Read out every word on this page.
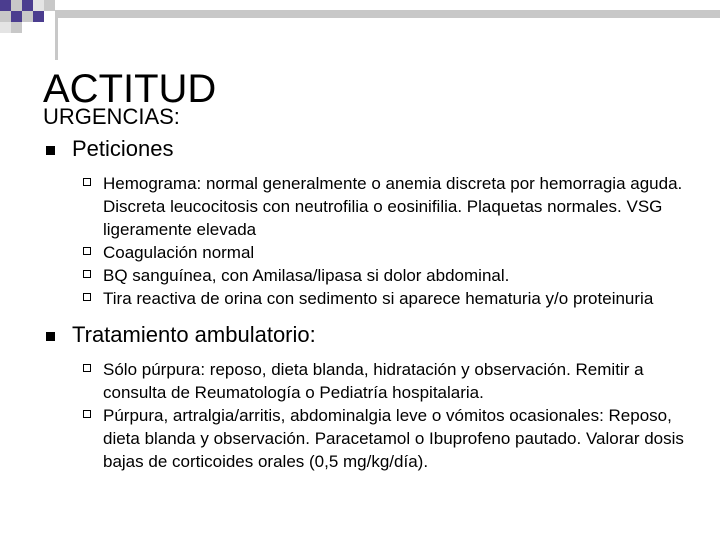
ACTITUD
URGENCIAS:
Peticiones
Hemograma: normal generalmente o anemia discreta por hemorragia aguda. Discreta leucocitosis con neutrofilia o eosinifilia. Plaquetas normales. VSG ligeramente elevada
Coagulación normal
BQ sanguínea, con Amilasa/lipasa si dolor abdominal.
Tira reactiva de orina con sedimento si aparece hematuria y/o proteinuria
Tratamiento ambulatorio:
Sólo púrpura: reposo, dieta blanda, hidratación y observación. Remitir a consulta de Reumatología o Pediatría hospitalaria.
Púrpura, artralgia/arritis, abdominalgia leve o vómitos ocasionales: Reposo, dieta blanda y observación. Paracetamol o Ibuprofeno pautado. Valorar dosis bajas de corticoides orales (0,5 mg/kg/día).
